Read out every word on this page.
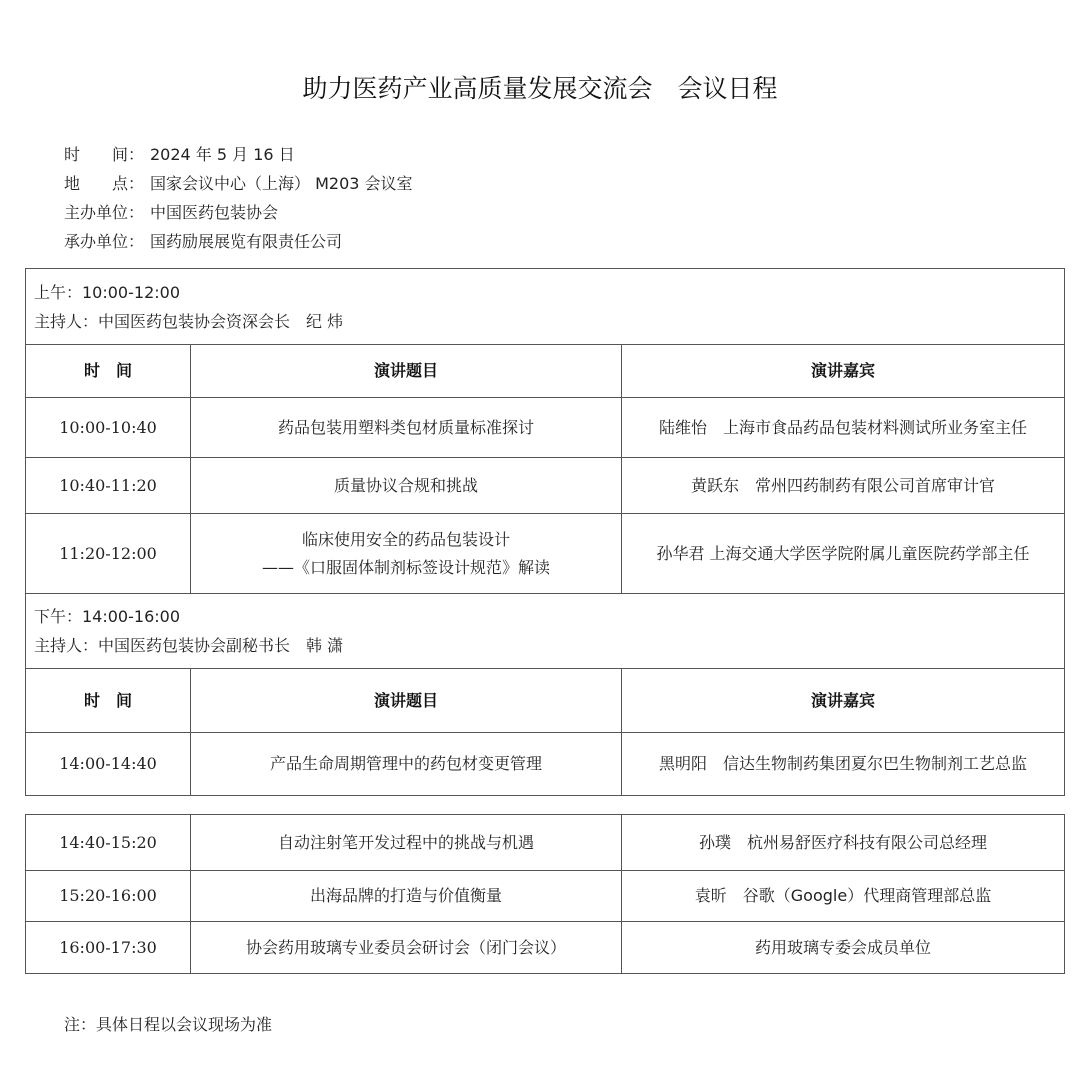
助力医药产业高质量发展交流会　会议日程
时　　间： 2024 年 5 月 16 日
地　　点： 国家会议中心（上海） M203 会议室
主办单位： 中国医药包装协会
承办单位： 国药励展展览有限责任公司
上午：10:00-12:00
主持人：中国医药包装协会资深会长　纪 炜		

时　间	演讲题目	演讲嘉宾
10:00-10:40	药品包装用塑料类包材质量标准探讨	陆维怡　上海市食品药品包装材料测试所业务室主任
10:40-11:20	质量协议合规和挑战	黄跃东　常州四药制药有限公司首席审计官
11:20-12:00	临床使用安全的药品包装设计
——《口服固体制剂标签设计规范》解读	孙华君 上海交通大学医学院附属儿童医院药学部主任

下午：14:00-16:00
主持人：中国医药包装协会副秘书长　韩 潇		

时　间	演讲题目	演讲嘉宾
14:00-14:40	产品生命周期管理中的药包材变更管理	黑明阳　信达生物制药集团夏尔巴生物制剂工艺总监
14:40-15:20	自动注射笔开发过程中的挑战与机遇	孙璞　杭州易舒医疗科技有限公司总经理
15:20-16:00	出海品牌的打造与价值衡量	袁昕　谷歌（Google）代理商管理部总监
16:00-17:30	协会药用玻璃专业委员会研讨会（闭门会议）	药用玻璃专委会成员单位
注：具体日程以会议现场为准
